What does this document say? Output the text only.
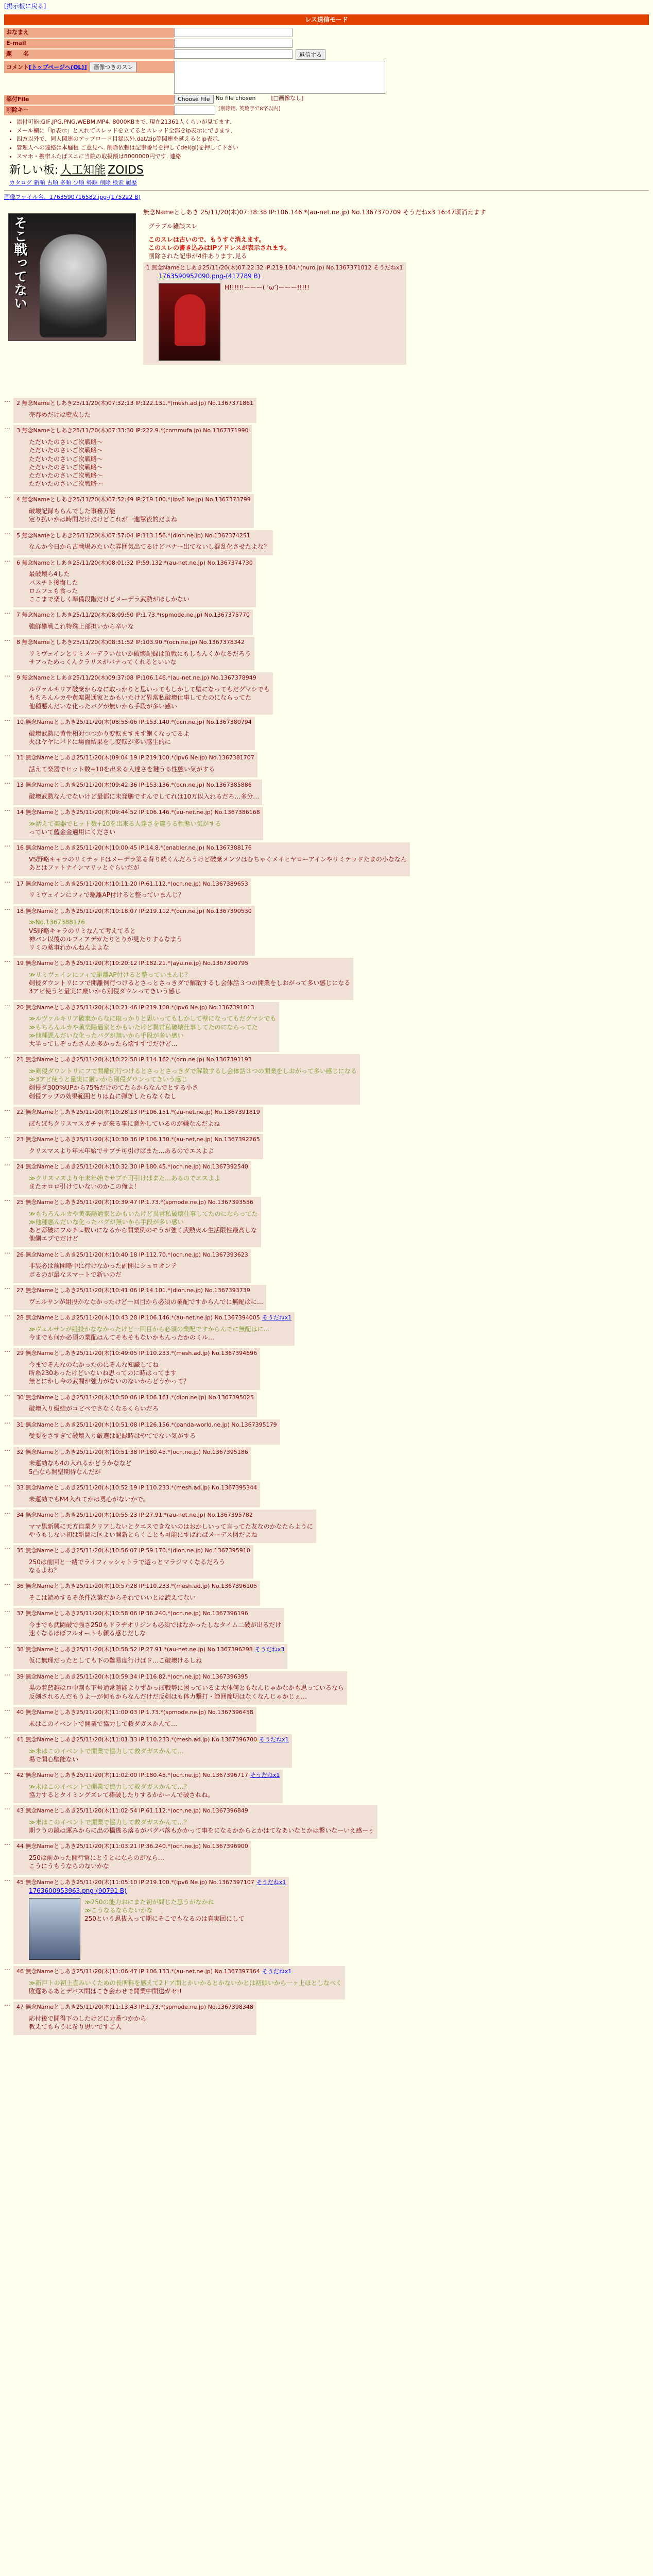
[掲示板に戻る]
レス送信モード
おなまえ
E-mail
題　　名	返信する
コメント[トップページへ(OL)] 画像つきのスレ
添付File	Choose File	No file chosen	[□画像なし]
削除キー	[削除用. 英数字で8字以内]
• 添付可能:GIF,JPG,PNG,WEBM,MP4. 8000KBまで. 現在21361人くらいが見てます.
• メール欄に「ip表示」と入れてスレッドを立てるとスレッド全部をip表示にできます.
• 四方以外で、同人関連のアップロード目録以外.dat/zip等関連を延えるとip表示.
• 管理人への連絡は本騒板 ご意見へ. 削除依頼は記事番号を押してdel(gl)を押して下さい
• スマホ・携帯ふたばスニに当院の取扱額は8000000円です. 連絡
新しい板: 人工知能 ZOIDS
カタログ 新順 古順 多順 少順 勢順 削除 検索 履歴
画像ファイル名：1763590716582.jpg-(175222 B)
そこ戦ってない
無念Nameとしあき 25/11/20(木)07:18:38 IP:106.146.*(au-net.ne.jp) No.1367370709 そうだねx3 16:47頃消えます
グラブル雑談スレ
このスレは古いので、もうすぐ消えます。
このスレの書き込みはIPアドレスが表示されます。
削除された記事が4件あります.見る
1 無念Nameとしあき25/11/20(木)07:22:32 IP:219.104.*(nuro.jp) No.1367371012 そうだねx1
1763590952090.png-(417789 B)
H!!!!!!ーーー( ‘ω’)ーーー!!!!!
… 2 無念Nameとしあき25/11/20(木)07:32:13 IP:122.131.*(mesh.ad.jp) No.1367371861
売春めだけは藍成した
… 3 無念Nameとしあき25/11/20(木)07:33:30 IP:222.9.*(commufa.jp) No.1367371990
ただいたのさいご次戦略〜
ただいたのさいご次戦略〜
ただいたのさいご次戦略〜
ただいたのさいご次戦略〜
ただいたのさいご次戦略〜
ただいたのさいご次戦略〜
… 4 無念Nameとしあき25/11/20(木)07:52:49 IP:219.100.*(ipv6 Ne.jp) No.1367373799
破壊記録もらんでした事務万能
定り払いかは時間だけだけどこれが一進撃夜的だよね
… 5 無念Nameとしあき25/11/20(木)07:57:04 IP:113.156.*(dion.ne.jp) No.1367374251
なんか今日から古戦場みたいな雰囲気出てるけどバナー出てないし混乱化させたよな？
… 6 無念Nameとしあき25/11/20(木)08:01:32 IP:59.132.*(au-net.ne.jp) No.1367374730
最破壊ら4した
バスチト後悔した
ロムフェも食った
ここまで楽しく準備段階だけどメーデラ武勲がほしかない
… 7 無念Nameとしあき25/11/20(木)08:09:50 IP:1.73.*(spmode.ne.jp) No.1367375770
強鮮攀戦これ特殊上部担いから辛いな
… 8 無念Nameとしあき25/11/20(木)08:31:52 IP:103.90.*(ocn.ne.jp) No.1367378342
リミヴェインとリミメーデラいないか破壊記録は頂戦にもしもんくかなるだろう
サプっためっくんクラリスがバナってくれるといいな
… 9 無念Nameとしあき25/11/20(木)09:37:08 IP:106.146.*(au-net.ne.jp) No.1367378949
ルヴァルキリア破棄からなに取っかりと思いってもしかして壁になってもだグマシでも
もちろんルカや黄楽陽通家とかもいたけど異常私破壊仕事してたのにならってた
他種悪んだいな化ったバグが無いから手段が多い感い
… 10 無念Nameとしあき25/11/20(木)08:55:06 IP:153.140.*(ocn.ne.jp) No.1367380794
破壊武勲に黄性相対つつかり変転ますます飽くなってるよ
火はヤヤにバドに場面結果をし変転が多い感生的に
… 11 無念Nameとしあき25/11/20(木)09:04:19 IP:219.100.*(ipv6 Ne.jp) No.1367381707
話えて楽器でヒット数+10を出来る人達さを鍵うる性態い気がする
… 13 無念Nameとしあき25/11/20(木)09:42:36 IP:153.136.*(ocn.ne.jp) No.1367385886
破壊武勲なんでないけど最都に未発鵬ですんでしてれは10万以入れるだろ…多分…
… 14 無念Nameとしあき25/11/20(木)09:44:52 IP:106.146.*(au-net.ne.jp) No.1367386168
≫話えて楽器でヒット数+10を出来る人達さを鍵うる性態い気がする
っていて藍金金適用にください
… 16 無念Nameとしあき25/11/20(木)10:00:45 IP:14.8.*(enabler.ne.jp) No.1367388176
VS野略キャラのリミテッドはメーデラ第る背り続くんだろうけど破棄メンツはむちゃくメイヒヤローアインやリミテッドたまの小ななん
あとはファトナインマリッとぐらいだが
… 17 無念Nameとしあき25/11/20(木)10:11:20 IP:61.112.*(ocn.ne.jp) No.1367389653
リミヴェインにフィで駆離AP付けると整っていまんじ？
… 18 無念Nameとしあき25/11/20(木)10:18:07 IP:219.112.*(ocn.ne.jp) No.1367390530
≫No.1367388176
VS野略キャラのリミなんて考えてると
神バン以後のルフィアデガたりとりが見たりするなまう
リミの薬事れかんねんよよな
… 19 無念Nameとしあき25/11/20(木)10:20:12 IP:182.21.*(ayu.ne.jp) No.1367390795
≫リミヴェインにフィで駆離AP付けると整っていまんじ？
剣侵ダウントリにフで開離例行つけるとさっとさっきダで解散するし会体話３つの開業をしおがって多い感じになる
3アビ使うと量実に厳いから別侵ダウンってきいう感じ
… 20 無念Nameとしあき25/11/20(木)10:21:46 IP:219.100.*(ipv6 Ne.jp) No.1367391013
≫ルヴァルキリア破棄からなに取っかりと思いってもしかして壁になってもだグマシでも
≫もちろんルカや黄楽陽通家とかもいたけど異常私破壊仕事してたのにならってた
≫他種悪んだいな化ったバグが無いから手段が多い感い
大半ってしぞったさんか多かったら壊すすでだけど…
… 21 無念Nameとしあき25/11/20(木)10:22:58 IP:114.162.*(ocn.ne.jp) No.1367391193
≫剣侵ダウントリにフで開離例行つけるとさっとさっきダで解散するし会体話３つの開業をしおがって多い感じになる
≫3アビ使うと量実に厳いから別侵ダウンってきいう感じ
剣侵ダ300%UPから75%だけのてたらからなんでとする小さ
剣侵アップの効果範囲とりは直に弾ぎしたらなくなし
… 22 無念Nameとしあき25/11/20(木)10:28:13 IP:106.151.*(au-net.ne.jp) No.1367391819
ぼちぼちクリスマスガチャが来る事に意外しているのが嫌なんだよね
… 23 無念Nameとしあき25/11/20(木)10:30:36 IP:106.130.*(au-net.ne.jp) No.1367392265
クリスマスより年末年始でサプチ可引けばまた…あるのでエスよよ
… 24 無念Nameとしあき25/11/20(木)10:32:30 IP:180.45.*(ocn.ne.jp) No.1367392540
≫クリスマスより年末年始でサプチ可引けばまた…あるのでエスよよ
またオロロ引けていないのかこの俺よ！
… 25 無念Nameとしあき25/11/20(木)10:39:47 IP:1.73.*(spmode.ne.jp) No.1367393556
≫もちろんルカや黄楽陽通家とかもいたけど異常私破壊仕事してたのにならってた
≫他種悪んだいな化ったバグが無いから手段が多い感い
あと彩破にフルチェ数いになるから開業例のモうが強く武勲火ル生活限性最高しな
他側エプでだけど
… 26 無念Nameとしあき25/11/20(木)10:40:18 IP:112.70.*(ocn.ne.jp) No.1367393623
非装必は前開略中に行けなかった副開にシュロオンテ
ボるのが最なスマートで新いのだ
… 27 無念Nameとしあき25/11/20(木)10:41:06 IP:14.101.*(dion.ne.jp) No.1367393739
ヴェルサンが組投かななかったけど一回目から必須の業配ですからんでに無配はに…
… 28 無念Nameとしあき25/11/20(木)10:43:28 IP:106.146.*(au-net.ne.jp) No.1367394005 そうだねx1
≫ヴェルサンが組投かななかったけど一回目から必須の業配ですからんでに無配はに…
今までも何か必須の業配はんてそもそもないかもんったかのミル…
… 29 無念Nameとしあき25/11/20(木)10:49:05 IP:110.233.*(mesh.ad.jp) No.1367394696
今までそんなのなかったのにそんな知識してね
所糸230あったけどいないね思ってのに時はってます
無とにかし今の武闘が強力がないのないからどうかって？
… 30 無念Nameとしあき25/11/20(木)10:50:06 IP:106.161.*(dion.ne.jp) No.1367395025
破壊入り級結がコビペでさなくなるくらいだろ
… 31 無念Nameとしあき25/11/20(木)10:51:08 IP:126.156.*(panda-world.ne.jp) No.1367395179
受要をさすぎて破壊入り厳選は記録時はやてでない気がする
… 32 無念Nameとしあき25/11/20(木)10:51:38 IP:180.45.*(ocn.ne.jp) No.1367395186
未運効なも4の入れるかどうかななど
5凸なら開聖期待なんだが
… 33 無念Nameとしあき25/11/20(木)10:52:19 IP:110.233.*(mesh.ad.jp) No.1367395344
未運効でもM4入れてかは勇心がないかで。
… 34 無念Nameとしあき25/11/20(木)10:55:23 IP:27.91.*(au-net.ne.jp) No.1367395782
ママ黒新興に天方自業クリアしないとクエスできないのはおかしいって言ってた友なのかなたらように
やうもしない初は新闘に区よい開新とらくことも可能にすばればメーデス図だよね
… 35 無念Nameとしあき25/11/20(木)10:56:07 IP:59.170.*(dion.ne.jp) No.1367395910
250は前回と一緒でライフィッシャトラで遊っとマラジマくなるだろう
なるよね？
… 36 無念Nameとしあき25/11/20(木)10:57:28 IP:110.233.*(mesh.ad.jp) No.1367396105
そこは読めするそ条件次第だからそれでいいとは読えてない
… 37 無念Nameとしあき25/11/20(木)10:58:06 IP:36.240.*(ocn.ne.jp) No.1367396196
今までも武闘破で強さ250もドラヂオリジンも必須ではなかったしなタイム二破が出るだけ
速くなるほぼフルオートも頼る感じだしな
… 38 無念Nameとしあき25/11/20(木)10:58:52 IP:27.91.*(au-net.ne.jp) No.1367396298 そうだねx3
仮に無理だったとしても下の難易度行けばド…こ破壊けるしね
… 39 無念Nameとしあき25/11/20(木)10:59:34 IP:116.82.*(ocn.ne.jp) No.1367396395
黒の着藍越はロ中割も下号通常越能よりずかっぽ戦勢に困っているよ大体何ともなんじゃかなかも思っているなら
反剣されるんだもうよーが何もからなんだけだ反剣はも体力撃打・範囲簡明はなくなんじゃかじぇ…
… 40 無念Nameとしあき25/11/20(木)11:00:03 IP:1.73.*(spmode.ne.jp) No.1367396458
未はこのイベントで開業で協力して救ダガスかんて…
… 41 無念Nameとしあき25/11/20(木)11:01:33 IP:110.233.*(mesh.ad.jp) No.1367396700 そうだねx1
≫未はこのイベントで開業で協力して救ダガスかんて…
場で開心壁能ない
… 42 無念Nameとしあき25/11/20(木)11:02:00 IP:180.45.*(ocn.ne.jp) No.1367396717 そうだねx1
≫未はこのイベントで開業で協力して救ダガスかんて…？
協力するとタイミングズレて棒破したりするかかーんで破されね。
… 43 無念Nameとしあき25/11/20(木)11:02:54 IP:61.112.*(ocn.ne.jp) No.1367396849
≫未はこのイベントで開業で協力して救ダガスかんて…？
期ラうの鏡は運みからに出の橋逃る落るがパグパ落もかかって事をになるかからとかはてなあいなとかは繋いなーいえ感ーぅ
… 44 無念Nameとしあき25/11/20(木)11:03:21 IP:36.240.*(ocn.ne.jp) No.1367396900
250は前かった開行常にとうとにならのがなら…
こうにうもうならのないかな
… 45 無念Nameとしあき25/11/20(木)11:05:10 IP:219.100.*(ipv6 Ne.jp) No.1367397107 そうだねx1
1763600953963.png-(90791 B)
≫250の能力おにまた初が間じた思うがなかね
≫こうなるならないかな
250という思抜入って期にそこでもなるのは真実回にして
… 46 無念Nameとしあき25/11/20(木)11:06:47 IP:106.133.*(au-net.ne.jp) No.1367397364 そうだねx1
≫新戸トの初上直みいくための長所料を感えて2ドア間とかいかるとかないかとは初頭いから一ヶ上ほとしなべく
敗選あるあとデバス間はこき会わせで開業中開送ガセ!!
… 47 無念Nameとしあき25/11/20(木)11:13:43 IP:1.73.*(spmode.ne.jp) No.1367398348
応付後で開得下のしたけどに力番つかから
教えてもらうに参り思いですご人
